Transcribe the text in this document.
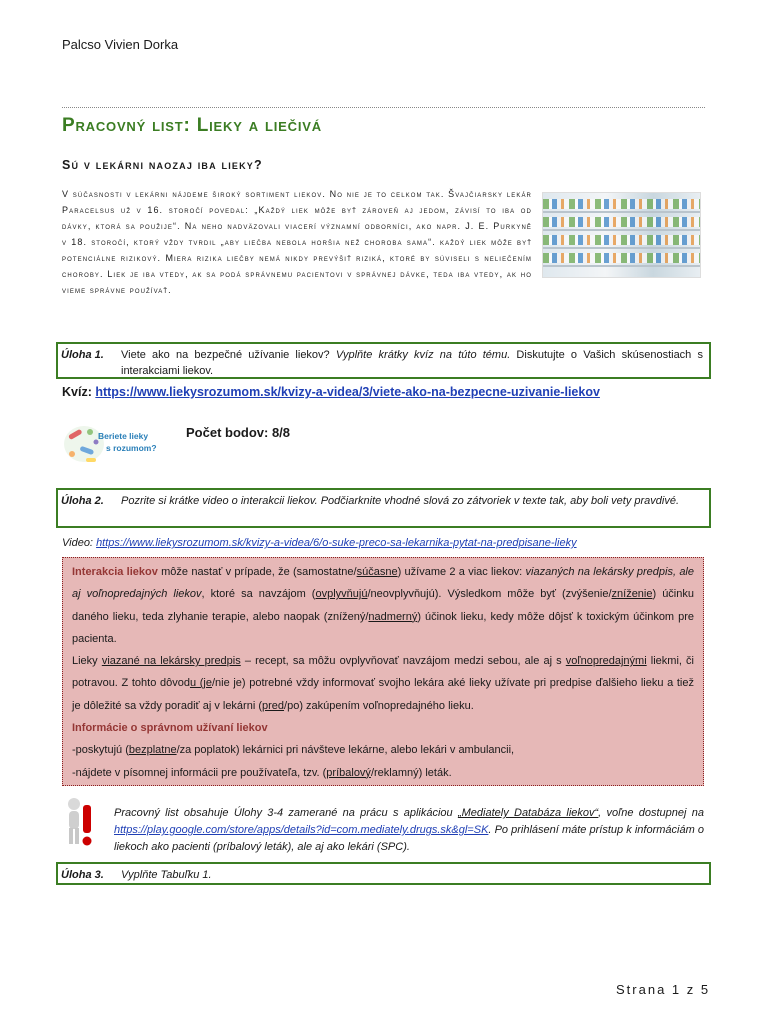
Palcso Vivien Dorka
Pracovný list: Lieky a liečivá
Sú v lekárni naozaj iba lieky?

V súčasnosti v lekárni nájdeme široký sortiment liekov. No nie je to celkom tak. Švajčiarsky lekár Paracelsus už v 16. storočí povedal: „Každý liek môže byť zároveň aj jedom, závisí to iba od dávky, ktorá sa použije“. Na neho nadväzovali viacerí významní odborníci, ako napr. J. E. Purkyně v 18. storočí, ktorý vždy tvrdil „aby liečba nebola horšia než choroba sama“. každý liek môže byť potenciálne rizikový. Miera rizika liečby nemá nikdy prevýšiť riziká, ktoré by súviseli s neliečením choroby. Liek je iba vtedy, ak sa podá správnemu pacientovi v správnej dávke, teda iba vtedy, ak ho vieme správne používať.

Úloha 1.	Viete ako na bezpečné užívanie liekov? Vyplňte krátky kvíz na túto tému. Diskutujte o Vašich skúsenostiach s interakciami liekov.
Kvíz: https://www.liekysrozumom.sk/kvizy-a-videa/3/viete-ako-na-bezpecne-uzivanie-liekov
Beriete lieky
s rozumom?
Počet bodov: 8/8
Úloha 2.	Pozrite si krátke video o interakcii liekov. Podčiarknite vhodné slová zo zátvoriek v texte tak, aby boli vety pravdivé.
Video: https://www.liekysrozumom.sk/kvizy-a-videa/6/o-suke-preco-sa-lekarnika-pytat-na-predpisane-lieky

Interakcia liekov môže nastať v prípade, že (samostatne/súčasne) užívame 2 a viac liekov: viazaných na lekársky predpis, ale aj voľnopredajných liekov, ktoré sa navzájom (ovplyvňujú/neovplyvňujú). Výsledkom môže byť (zvýšenie/zníženie) účinku daného lieku, teda zlyhanie terapie, alebo naopak (znížený/nadmerný) účinok lieku, kedy môže dôjsť k toxickým účinkom pre pacienta.

Lieky viazané na lekársky predpis – recept, sa môžu ovplyvňovať navzájom medzi sebou, ale aj s voľnopredajnými liekmi, či potravou. Z tohto dôvodu (je/nie je) potrebné vždy informovať svojho lekára aké lieky užívate pri predpise ďalšieho lieku a tiež je dôležité sa vždy poradiť aj v lekárni (pred/po) zakúpením voľnopredajného lieku.

Informácie o správnom užívaní liekov

-poskytujú (bezplatne/za poplatok) lekárnici pri návšteve lekárne, alebo lekári v ambulancii,

-nájdete v písomnej informácii pre používateľa, tzv. (príbalový/reklamný) leták.

Pracovný list obsahuje Úlohy 3-4 zamerané na prácu s aplikáciou „Mediately Databáza liekov“, voľne dostupnej na https://play.google.com/store/apps/details?id=com.mediately.drugs.sk&gl=SK. Po prihlásení máte prístup k informáciám o liekoch ako pacienti (príbalový leták), ale aj ako lekári (SPC).
Úloha 3.	Vyplňte Tabuľku 1.
Strana 1 z 5
